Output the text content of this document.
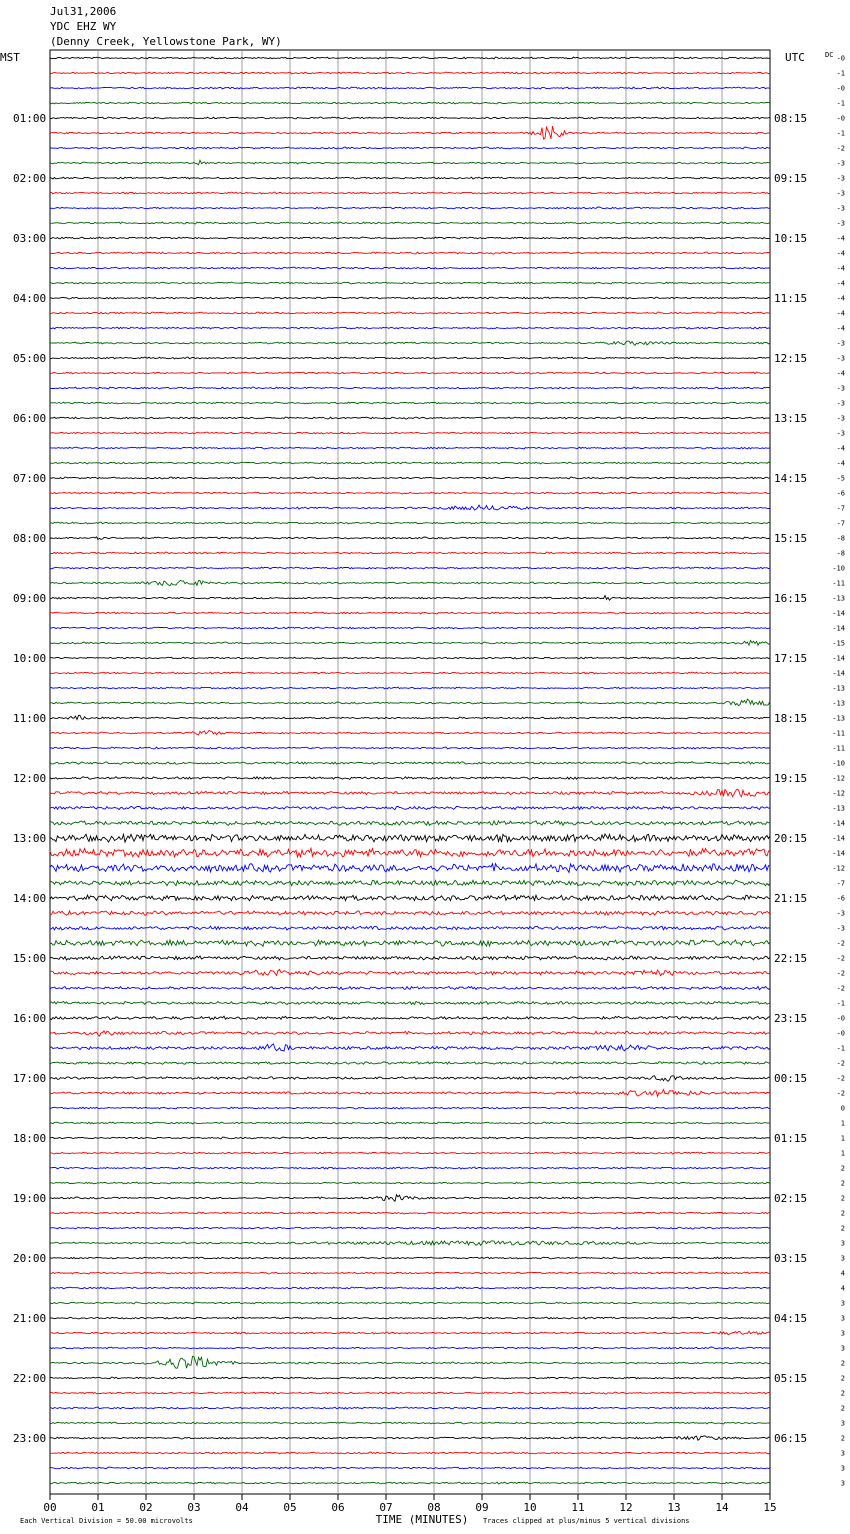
-0
-1
-0
-1
-0
-1
-2
-3
-3
-3
-3
-3
-4
-4
-4
-4
-4
-4
-4
-3
-3
-4
-3
-3
-3
-3
-4
-4
-5
-6
-7
-7
-8
-8
-10
-11
-13
-14
-14
-15
-14
-14
-13
-13
-13
-11
-11
-10
-12
-12
-13
-14
-14
-14
-12
-7
-6
-3
-3
-2
-2
-2
-2
-1
-0
-0
-1
-2
-2
-2
0
1
1
1
2
2
2
2
2
3
3
4
4
3
3
3
3
2
2
2
2
3
2
3
3
3
MST	UTC	DC
01:00
02:00
03:00
04:00
05:00
06:00
07:00
08:00
09:00
10:00
11:00
12:00
13:00
14:00
15:00
16:00
17:00
18:00
19:00
20:00
21:00
22:00
23:00
08:15
09:15
10:15
11:15
12:15
13:15
14:15
15:15
16:15
17:15
18:15
19:15
20:15
21:15
22:15
23:15
00:15
01:15
02:15
03:15
04:15
05:15
06:15
00	01	02	03	04	05	06	07	08	09	10	11	12	13	14	15
TIME (MINUTES)
Each Vertical Division = 50.00 microvolts	Traces clipped at plus/minus 5 vertical divisions
Jul31,2006
YDC EHZ WY
(Denny Creek, Yellowstone Park, WY)
